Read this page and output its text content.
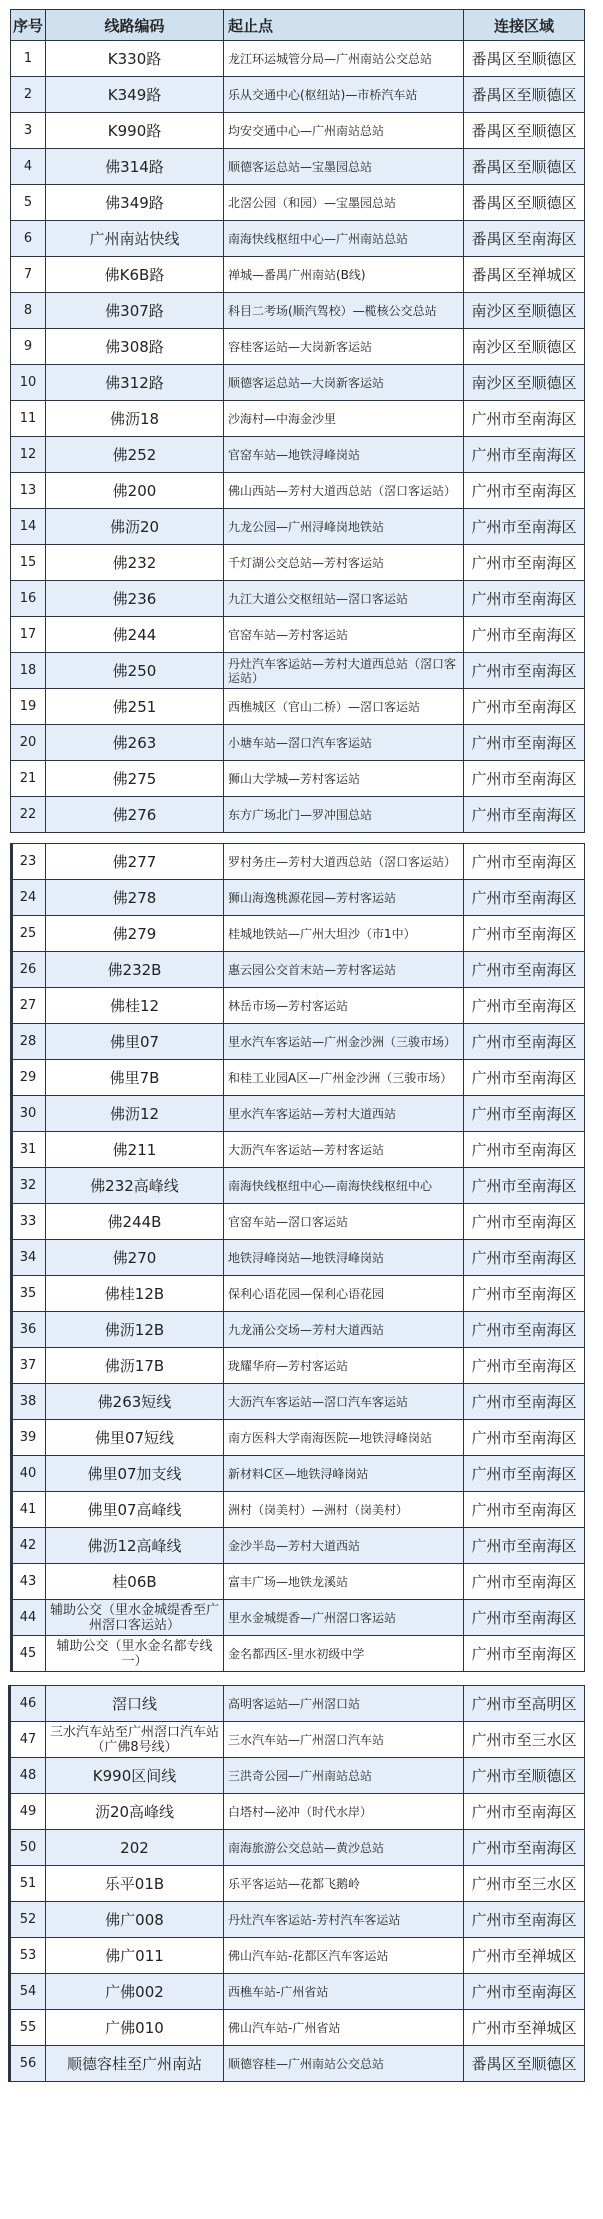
序号	线路编码	起止点	连接区域
1	K330路	龙江环运城管分局—广州南站公交总站	番禺区至顺德区
2	K349路	乐从交通中心(枢纽站)—市桥汽车站	番禺区至顺德区
3	K990路	均安交通中心—广州南站总站	番禺区至顺德区
4	佛314路	顺德客运总站—宝墨园总站	番禺区至顺德区
5	佛349路	北滘公园（和园）—宝墨园总站	番禺区至顺德区
6	广州南站快线	南海快线枢纽中心—广州南站总站	番禺区至南海区
7	佛K6B路	禅城—番禺广州南站(B线)	番禺区至禅城区
8	佛307路	科目二考场(顺汽驾校）—榄核公交总站	南沙区至顺德区
9	佛308路	容桂客运站—大岗新客运站	南沙区至顺德区
10	佛312路	顺德客运总站—大岗新客运站	南沙区至顺德区
11	佛沥18	沙海村—中海金沙里	广州市至南海区
12	佛252	官窑车站—地铁浔峰岗站	广州市至南海区
13	佛200	佛山西站—芳村大道西总站（滘口客运站）	广州市至南海区
14	佛沥20	九龙公园—广州浔峰岗地铁站	广州市至南海区
15	佛232	千灯湖公交总站—芳村客运站	广州市至南海区
16	佛236	九江大道公交枢纽站—滘口客运站	广州市至南海区
17	佛244	官窑车站—芳村客运站	广州市至南海区
18	佛250	丹灶汽车客运站—芳村大道西总站（滘口客运站）	广州市至南海区
19	佛251	西樵城区（官山二桥）—滘口客运站	广州市至南海区
20	佛263	小塘车站—滘口汽车客运站	广州市至南海区
21	佛275	狮山大学城—芳村客运站	广州市至南海区
22	佛276	东方广场北门—罗冲围总站	广州市至南海区
23	佛277	罗村务庄—芳村大道西总站（滘口客运站）	广州市至南海区
24	佛278	狮山海逸桃源花园—芳村客运站	广州市至南海区
25	佛279	桂城地铁站—广州大坦沙（市1中）	广州市至南海区
26	佛232B	惠云园公交首末站—芳村客运站	广州市至南海区
27	佛桂12	林岳市场—芳村客运站	广州市至南海区
28	佛里07	里水汽车客运站—广州金沙洲（三骏市场）	广州市至南海区
29	佛里7B	和桂工业园A区—广州金沙洲（三骏市场）	广州市至南海区
30	佛沥12	里水汽车客运站—芳村大道西站	广州市至南海区
31	佛211	大沥汽车客运站—芳村客运站	广州市至南海区
32	佛232高峰线	南海快线枢纽中心—南海快线枢纽中心	广州市至南海区
33	佛244B	官窑车站—滘口客运站	广州市至南海区
34	佛270	地铁浔峰岗站—地铁浔峰岗站	广州市至南海区
35	佛桂12B	保利心语花园—保利心语花园	广州市至南海区
36	佛沥12B	九龙涌公交场—芳村大道西站	广州市至南海区
37	佛沥17B	珑耀华府—芳村客运站	广州市至南海区
38	佛263短线	大沥汽车客运站—滘口汽车客运站	广州市至南海区
39	佛里07短线	南方医科大学南海医院—地铁浔峰岗站	广州市至南海区
40	佛里07加支线	新材料C区—地铁浔峰岗站	广州市至南海区
41	佛里07高峰线	洲村（岗美村）—洲村（岗美村）	广州市至南海区
42	佛沥12高峰线	金沙半岛—芳村大道西站	广州市至南海区
43	桂06B	富丰广场—地铁龙溪站	广州市至南海区
44	辅助公交（里水金城缇香至广州滘口客运站）	里水金城缇香—广州滘口客运站	广州市至南海区
45	辅助公交（里水金名都专线一）	金名都西区-里水初级中学	广州市至南海区
46	滘口线	高明客运站—广州滘口站	广州市至高明区
47	三水汽车站至广州滘口汽车站（广佛8号线）	三水汽车站—广州滘口汽车站	广州市至三水区
48	K990区间线	三洪奇公园—广州南站总站	广州市至顺德区
49	沥20高峰线	白塔村—泌冲（时代水岸）	广州市至南海区
50	202	南海旅游公交总站—黄沙总站	广州市至南海区
51	乐平01B	乐平客运站—花都飞鹅岭	广州市至三水区
52	佛广008	丹灶汽车客运站-芳村汽车客运站	广州市至南海区
53	佛广011	佛山汽车站-花都区汽车客运站	广州市至禅城区
54	广佛002	西樵车站-广州省站	广州市至南海区
55	广佛010	佛山汽车站-广州省站	广州市至禅城区
56	顺德容桂至广州南站	顺德容桂—广州南站公交总站	番禺区至顺德区
